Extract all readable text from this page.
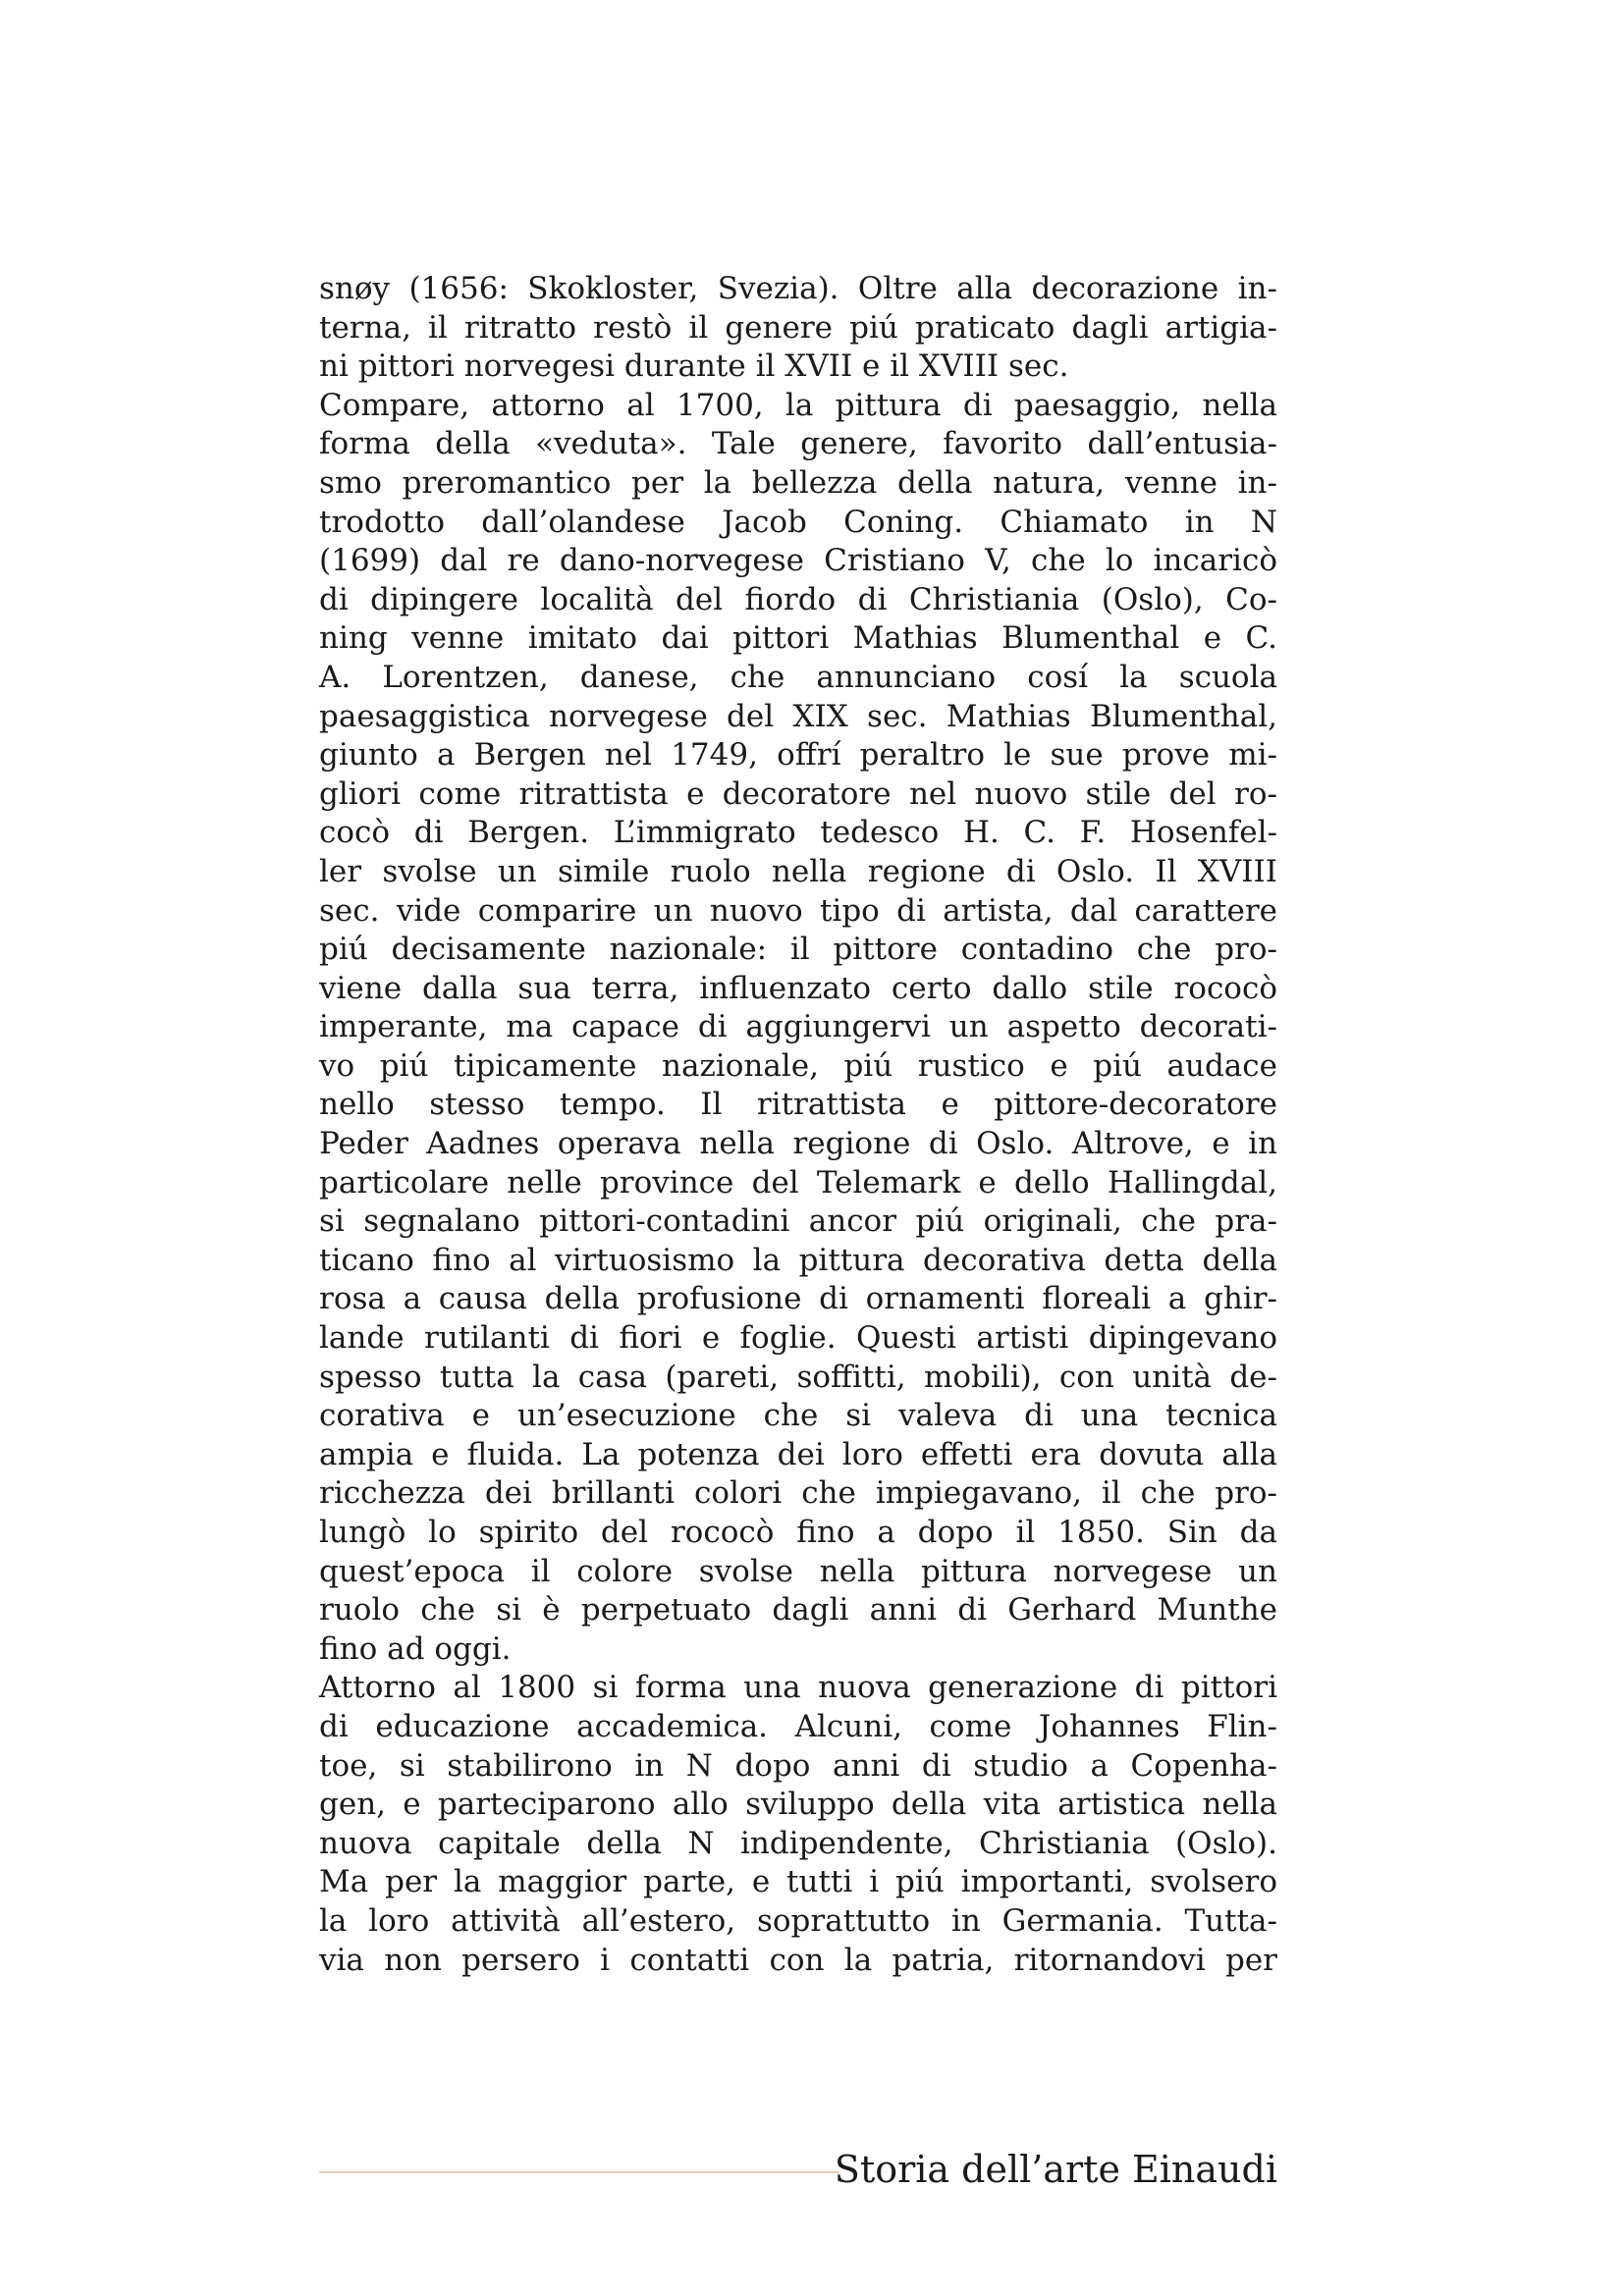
snøy (1656: Skokloster, Svezia). Oltre alla decorazione in-
terna, il ritratto restò il genere piú praticato dagli artigia-
ni pittori norvegesi durante il XVII e il XVIII sec.
Compare, attorno al 1700, la pittura di paesaggio, nella
forma della «veduta». Tale genere, favorito dall’entusia-
smo preromantico per la bellezza della natura, venne in-
trodotto dall’olandese Jacob Coning. Chiamato in N
(1699) dal re dano-norvegese Cristiano V, che lo incaricò
di dipingere località del fiordo di Christiania (Oslo), Co-
ning venne imitato dai pittori Mathias Blumenthal e C.
A. Lorentzen, danese, che annunciano cosí la scuola
paesaggistica norvegese del XIX sec. Mathias Blumenthal,
giunto a Bergen nel 1749, offrí peraltro le sue prove mi-
gliori come ritrattista e decoratore nel nuovo stile del ro-
cocò di Bergen. L’immigrato tedesco H. C. F. Hosenfel-
ler svolse un simile ruolo nella regione di Oslo. Il XVIII
sec. vide comparire un nuovo tipo di artista, dal carattere
piú decisamente nazionale: il pittore contadino che pro-
viene dalla sua terra, influenzato certo dallo stile rococò
imperante, ma capace di aggiungervi un aspetto decorati-
vo piú tipicamente nazionale, piú rustico e piú audace
nello stesso tempo. Il ritrattista e pittore-decoratore
Peder Aadnes operava nella regione di Oslo. Altrove, e in
particolare nelle province del Telemark e dello Hallingdal,
si segnalano pittori-contadini ancor piú originali, che pra-
ticano fino al virtuosismo la pittura decorativa detta della
rosa a causa della profusione di ornamenti floreali a ghir-
lande rutilanti di fiori e foglie. Questi artisti dipingevano
spesso tutta la casa (pareti, soffitti, mobili), con unità de-
corativa e un’esecuzione che si valeva di una tecnica
ampia e fluida. La potenza dei loro effetti era dovuta alla
ricchezza dei brillanti colori che impiegavano, il che pro-
lungò lo spirito del rococò fino a dopo il 1850. Sin da
quest’epoca il colore svolse nella pittura norvegese un
ruolo che si è perpetuato dagli anni di Gerhard Munthe
fino ad oggi.
Attorno al 1800 si forma una nuova generazione di pittori
di educazione accademica. Alcuni, come Johannes Flin-
toe, si stabilirono in N dopo anni di studio a Copenha-
gen, e parteciparono allo sviluppo della vita artistica nella
nuova capitale della N indipendente, Christiania (Oslo).
Ma per la maggior parte, e tutti i piú importanti, svolsero
la loro attività all’estero, soprattutto in Germania. Tutta-
via non persero i contatti con la patria, ritornandovi per
Storia dell’arte Einaudi
